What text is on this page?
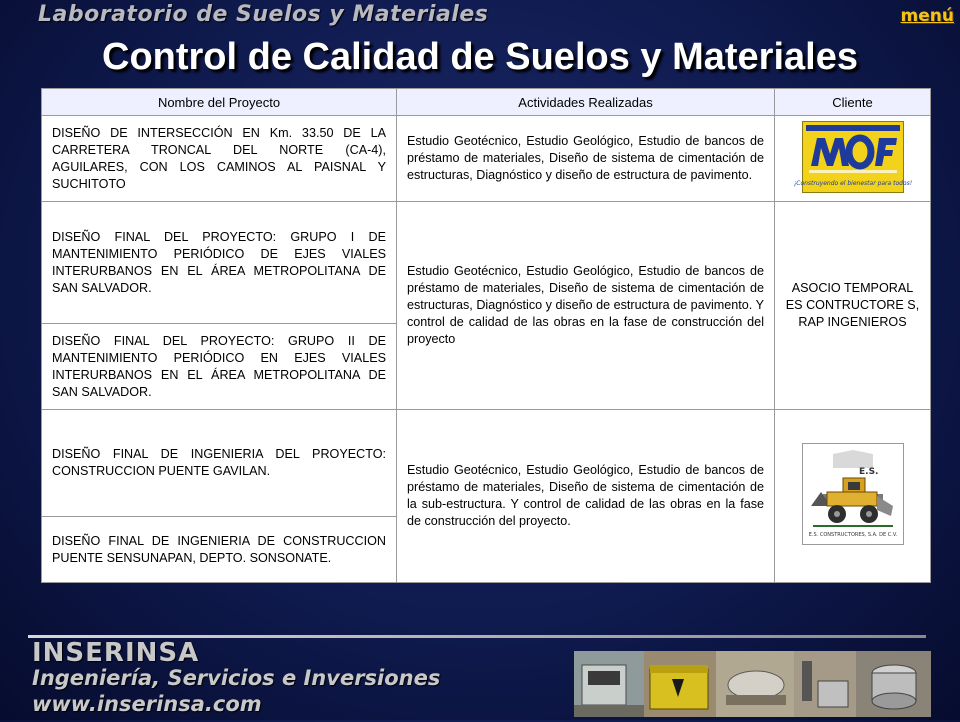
Laboratorio de Suelos y Materiales	menú
Control de Calidad de Suelos y Materiales
Nombre del Proyecto	Actividades Realizadas	Cliente
DISEÑO DE INTERSECCIÓN EN Km. 33.50 DE LA CARRETERA TRONCAL DEL NORTE (CA-4), AGUILARES, CON LOS CAMINOS AL PAISNAL Y SUCHITOTO	Estudio Geotécnico, Estudio Geológico, Estudio de bancos de préstamo de materiales, Diseño de sistema de cimentación de estructuras, Diagnóstico y diseño de estructura de pavimento.	¡Construyendo el bienestar para todos!

DISEÑO FINAL DEL PROYECTO: GRUPO I DE MANTENIMIENTO PERIÓDICO DE EJES VIALES INTERURBANOS EN EL ÁREA METROPOLITANA DE SAN SALVADOR.	Estudio Geotécnico, Estudio Geológico, Estudio de bancos de préstamo de materiales, Diseño de sistema de cimentación de estructuras, Diagnóstico y diseño de estructura de pavimento. Y control de calidad de las obras en la fase de construcción del proyecto	ASOCIO TEMPORAL ES CONTRUCTORE S, RAP INGENIEROS
DISEÑO FINAL DEL PROYECTO: GRUPO II DE MANTENIMIENTO PERIÓDICO EN EJES VIALES INTERURBANOS EN EL ÁREA METROPOLITANA DE SAN SALVADOR.		
DISEÑO FINAL DE INGENIERIA DEL PROYECTO: CONSTRUCCION PUENTE GAVILAN.	Estudio Geotécnico, Estudio Geológico, Estudio de bancos de préstamo de materiales, Diseño de sistema de cimentación de la sub-estructura. Y control de calidad de las obras en la fase de construcción del proyecto.	E.S.
E.S. CONSTRUCTORES, S.A. DE C.V.

DISEÑO FINAL DE INGENIERIA DE CONSTRUCCION PUENTE SENSUNAPAN, DEPTO. SONSONATE.		
INSERINSA
Ingeniería, Servicios e Inversiones
www.inserinsa.com
